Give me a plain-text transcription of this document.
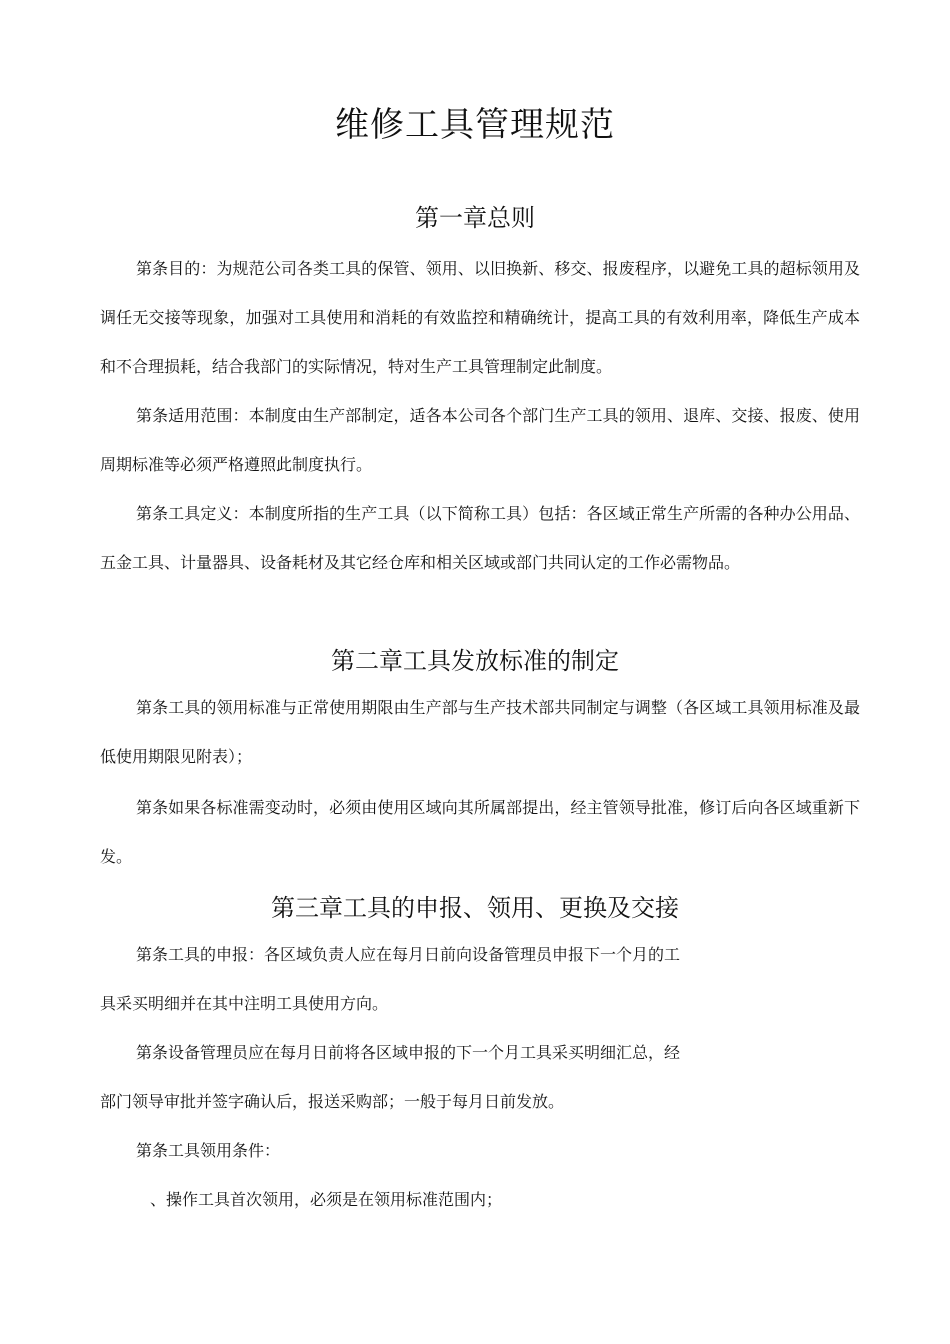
维修工具管理规范
第一章总则

第条目的：为规范公司各类工具的保管、领用、以旧换新、移交、报废程序，以避免工具的超标领用及调任无交接等现象，加强对工具使用和消耗的有效监控和精确统计，提高工具的有效利用率，降低生产成本和不合理损耗，结合我部门的实际情况，特对生产工具管理制定此制度。

第条适用范围：本制度由生产部制定，适各本公司各个部门生产工具的领用、退库、交接、报废、使用周期标准等必须严格遵照此制度执行。

第条工具定义：本制度所指的生产工具（以下简称工具）包括：各区域正常生产所需的各种办公用品、五金工具、计量器具、设备耗材及其它经仓库和相关区域或部门共同认定的工作必需物品。

第二章工具发放标准的制定

第条工具的领用标准与正常使用期限由生产部与生产技术部共同制定与调整（各区域工具领用标准及最低使用期限见附表）；

第条如果各标准需变动时，必须由使用区域向其所属部提出，经主管领导批准，修订后向各区域重新下发。

第三章工具的申报、领用、更换及交接
第条工具的申报：各区域负责人应在每月日前向设备管理员申报下一个月的工
具采买明细并在其中注明工具使用方向。
第条设备管理员应在每月日前将各区域申报的下一个月工具采买明细汇总，经
部门领导审批并签字确认后，报送采购部；一般于每月日前发放。
第条工具领用条件：
、操作工具首次领用，必须是在领用标准范围内；
